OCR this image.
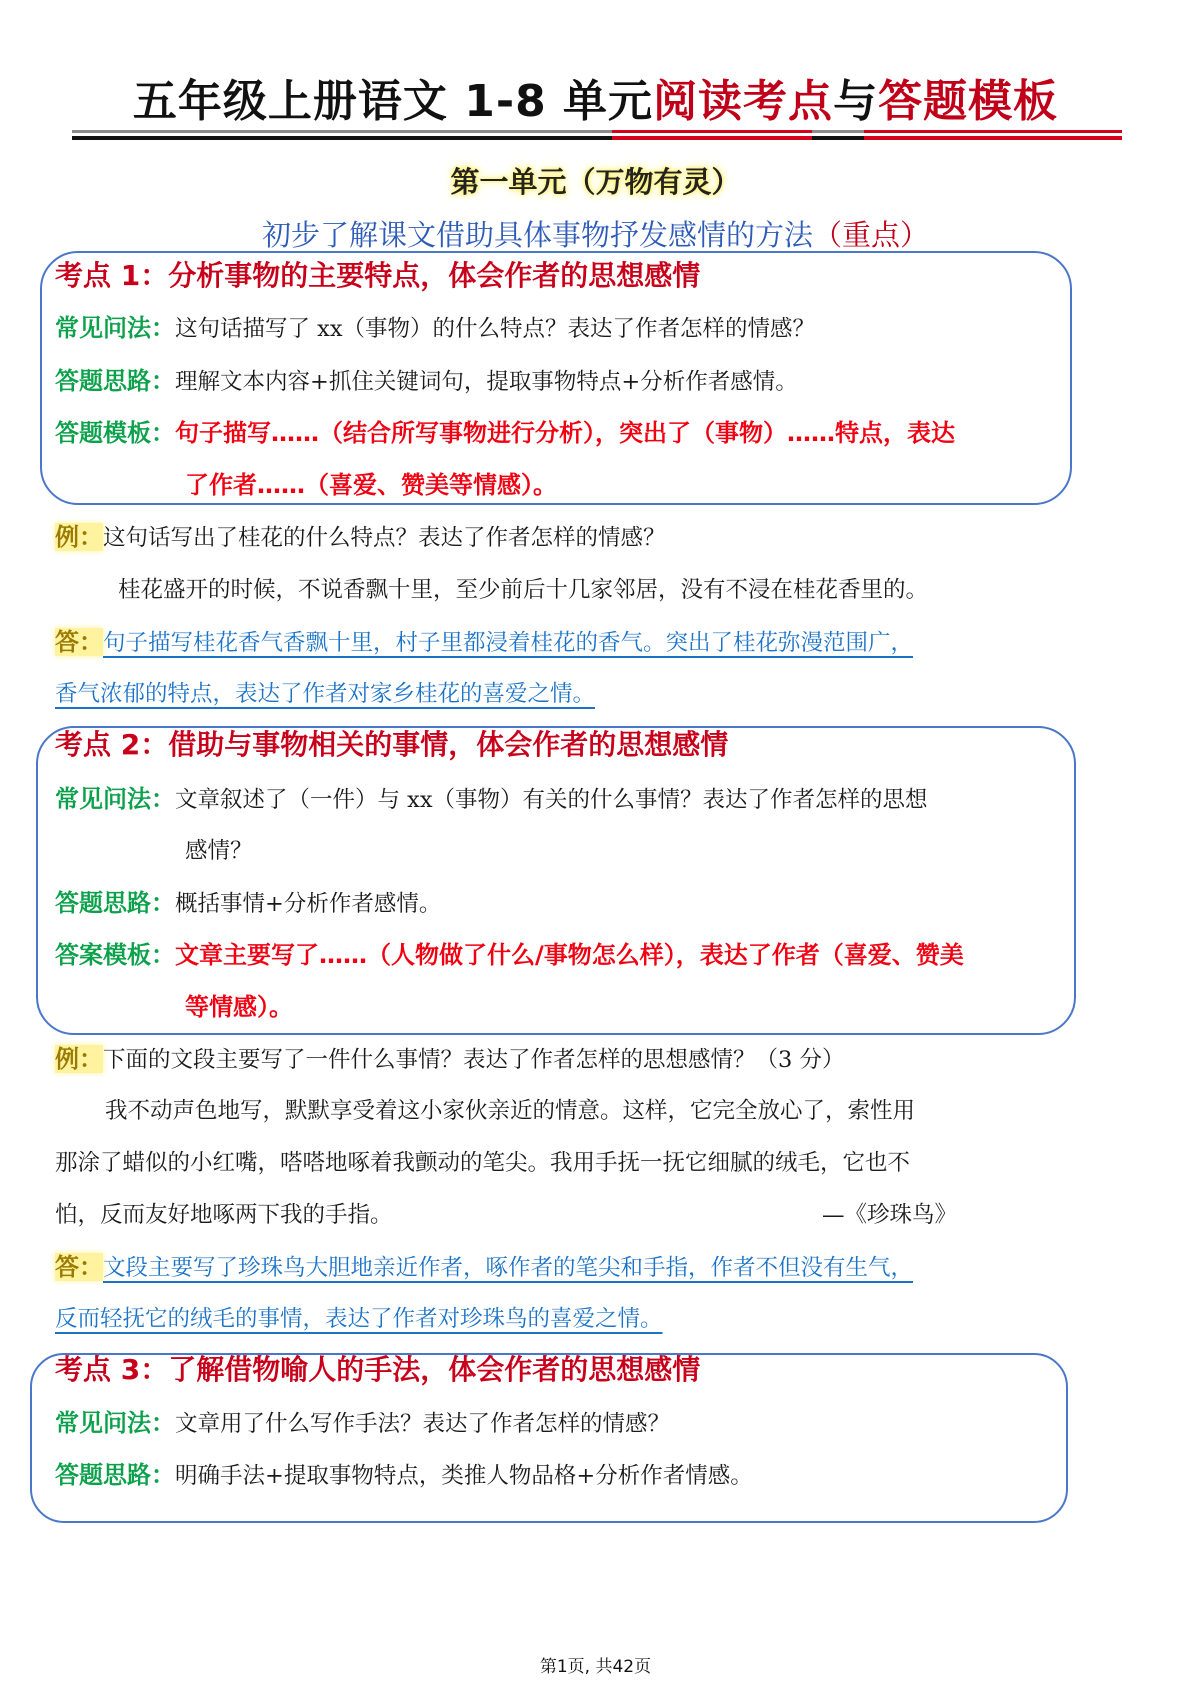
五年级上册语文 1-8 单元阅读考点与答题模板
第一单元（万物有灵）
初步了解课文借助具体事物抒发感情的方法（重点）
考点 1：分析事物的主要特点，体会作者的思想感情
常见问法：这句话描写了 xx（事物）的什么特点？表达了作者怎样的情感？
答题思路：理解文本内容+抓住关键词句，提取事物特点+分析作者感情。
答题模板：句子描写……（结合所写事物进行分析），突出了（事物）……特点，表达
了作者……（喜爱、赞美等情感）。
例：这句话写出了桂花的什么特点？表达了作者怎样的情感？
桂花盛开的时候，不说香飘十里，至少前后十几家邻居，没有不浸在桂花香里的。
答：句子描写桂花香气香飘十里，村子里都浸着桂花的香气。突出了桂花弥漫范围广，
香气浓郁的特点，表达了作者对家乡桂花的喜爱之情。
考点 2：借助与事物相关的事情，体会作者的思想感情
常见问法：文章叙述了（一件）与 xx（事物）有关的什么事情？表达了作者怎样的思想
感情？
答题思路：概括事情+分析作者感情。
答案模板：文章主要写了……（人物做了什么/事物怎么样），表达了作者（喜爱、赞美
等情感）。
例：下面的文段主要写了一件什么事情？表达了作者怎样的思想感情？（3 分）
我不动声色地写，默默享受着这小家伙亲近的情意。这样，它完全放心了，索性用
那涂了蜡似的小红嘴，嗒嗒地啄着我颤动的笔尖。我用手抚一抚它细腻的绒毛，它也不
怕，反而友好地啄两下我的手指。	—《珍珠鸟》
答：文段主要写了珍珠鸟大胆地亲近作者，啄作者的笔尖和手指，作者不但没有生气，
反而轻抚它的绒毛的事情，表达了作者对珍珠鸟的喜爱之情。
考点 3：了解借物喻人的手法，体会作者的思想感情
常见问法：文章用了什么写作手法？表达了作者怎样的情感？
答题思路：明确手法+提取事物特点，类推人物品格+分析作者情感。
第1页, 共42页
